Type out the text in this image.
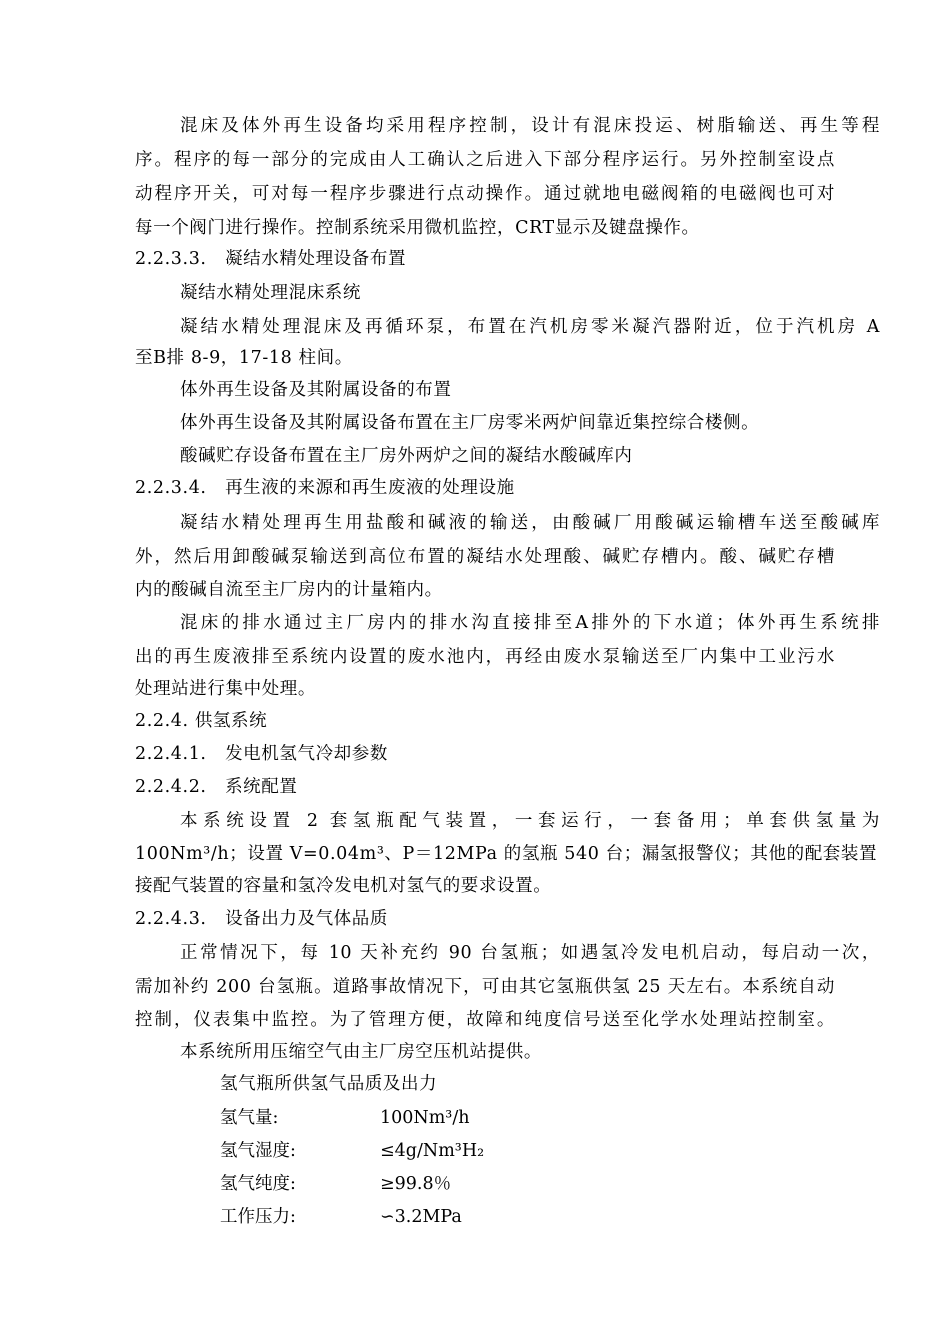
混床及体外再生设备均采用程序控制，设计有混床投运、树脂输送、再生等程
序。程序的每一部分的完成由人工确认之后进入下部分程序运行。另外控制室设点
动程序开关，可对每一程序步骤进行点动操作。通过就地电磁阀箱的电磁阀也可对
每一个阀门进行操作。控制系统采用微机监控，CRT显示及键盘操作。
2.2.3.3.   凝结水精处理设备布置
凝结水精处理混床系统
凝结水精处理混床及再循环泵，布置在汽机房零米凝汽器附近，位于汽机房 A
至B排 8-9，17-18 柱间。
体外再生设备及其附属设备的布置
体外再生设备及其附属设备布置在主厂房零米两炉间靠近集控综合楼侧。
酸碱贮存设备布置在主厂房外两炉之间的凝结水酸碱库内
2.2.3.4.   再生液的来源和再生废液的处理设施
凝结水精处理再生用盐酸和碱液的输送，由酸碱厂用酸碱运输槽车送至酸碱库
外，然后用卸酸碱泵输送到高位布置的凝结水处理酸、碱贮存槽内。酸、碱贮存槽
内的酸碱自流至主厂房内的计量箱内。
混床的排水通过主厂房内的排水沟直接排至A排外的下水道；体外再生系统排
出的再生废液排至系统内设置的废水池内，再经由废水泵输送至厂内集中工业污水
处理站进行集中处理。
2.2.4. 供氢系统
2.2.4.1.   发电机氢气冷却参数
2.2.4.2.   系统配置
本系统设置 2 套氢瓶配气装置，一套运行，一套备用；单套供氢量为
100Nm³/h；设置 V=0.04m³、P＝12MPa 的氢瓶 540 台；漏氢报警仪；其他的配套装置
接配气装置的容量和氢冷发电机对氢气的要求设置。
2.2.4.3.   设备出力及气体品质
正常情况下，每 10 天补充约 90 台氢瓶；如遇氢冷发电机启动，每启动一次，
需加补约 200 台氢瓶。道路事故情况下，可由其它氢瓶供氢 25 天左右。本系统自动
控制，仪表集中监控。为了管理方便，故障和纯度信号送至化学水处理站控制室。
本系统所用压缩空气由主厂房空压机站提供。
氢气瓶所供氢气品质及出力
氢气量:	100Nm³/h
氢气湿度:	≤4g/Nm³H₂
氢气纯度:	≥99.8％
工作压力:	∽3.2MPa
